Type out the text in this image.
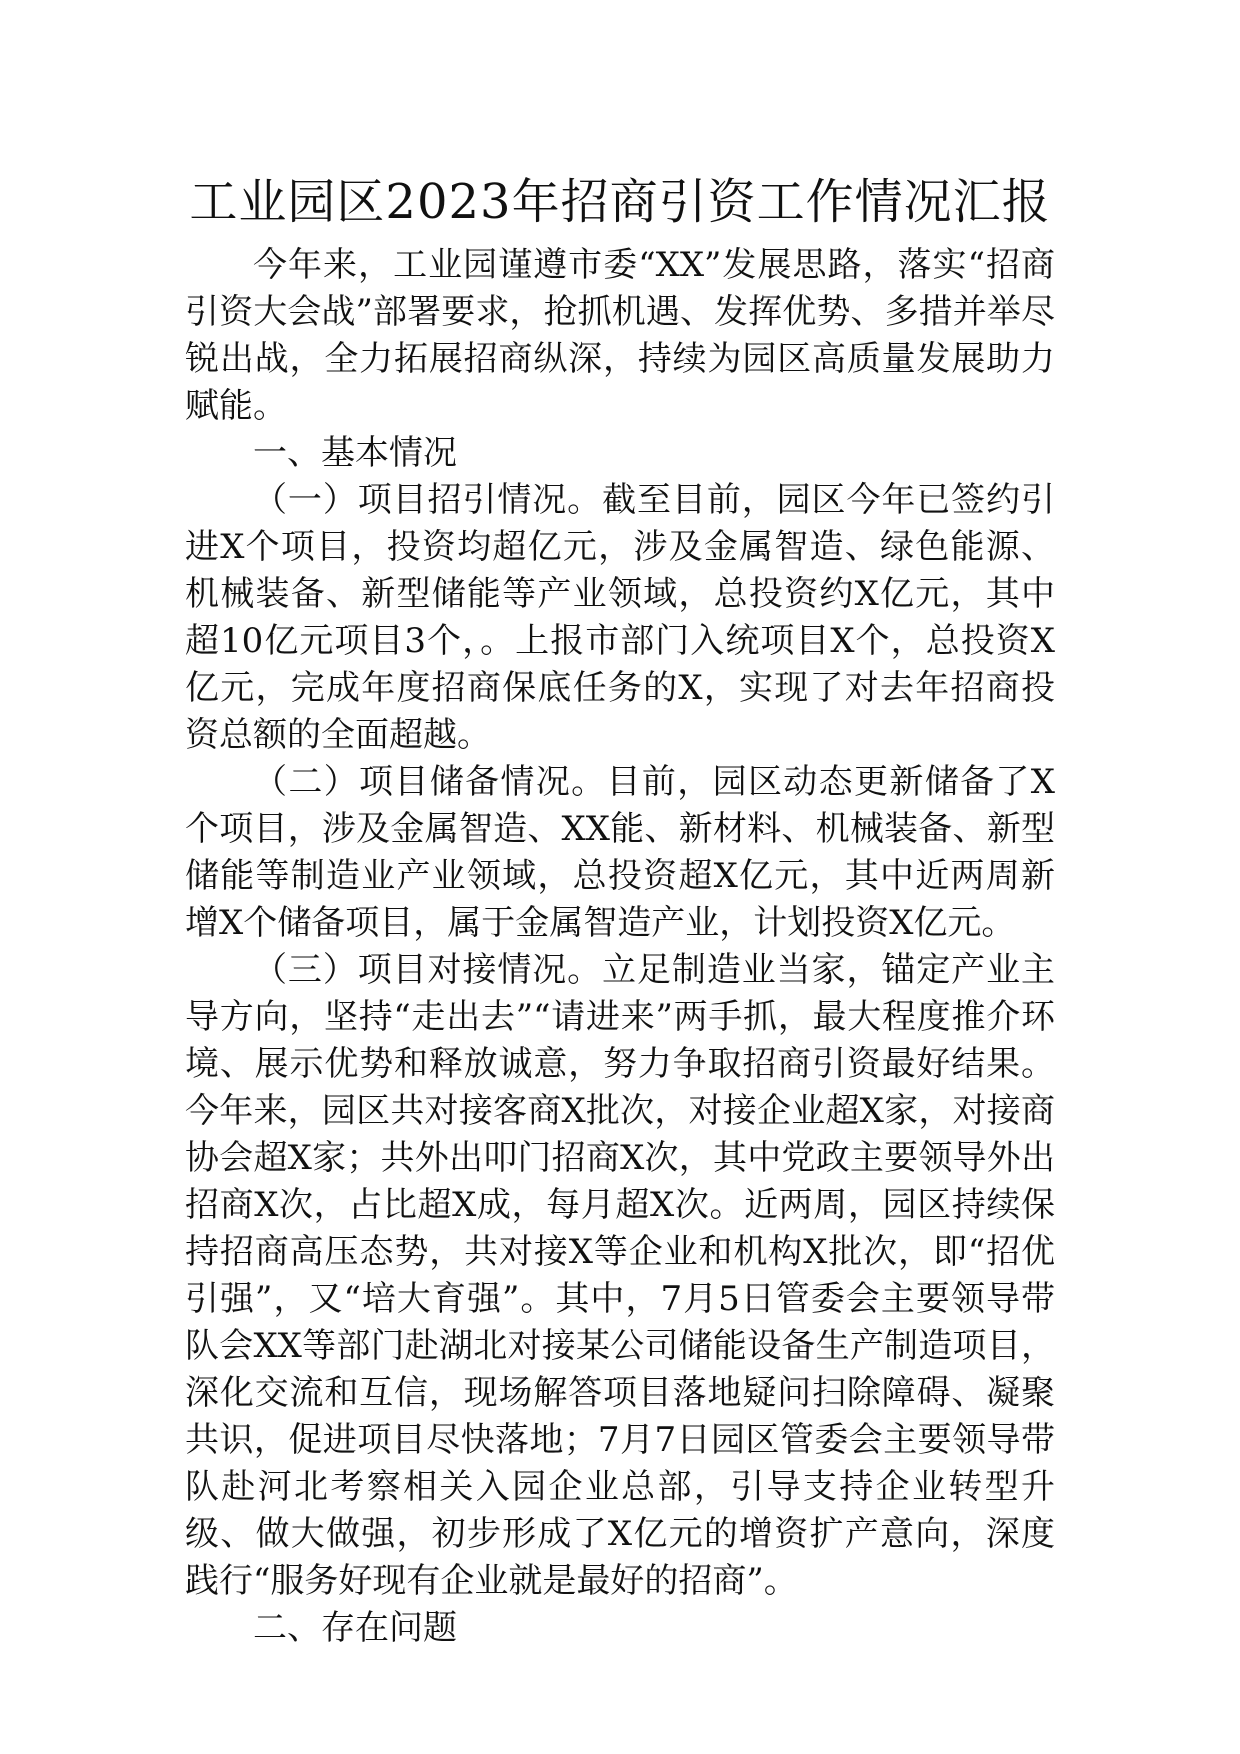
工业园区2023年招商引资工作情况汇报

今年来，工业园谨遵市委“XX”发展思路，落实“招商引资大会战”部署要求，抢抓机遇、发挥优势、多措并举尽锐出战，全力拓展招商纵深，持续为园区高质量发展助力赋能。

一、基本情况

（一）项目招引情况。截至目前，园区今年已签约引进X个项目，投资均超亿元，涉及金属智造、绿色能源、机械装备、新型储能等产业领域，总投资约X亿元，其中超10亿元项目3个，。上报市部门入统项目X个，总投资X亿元，完成年度招商保底任务的X，实现了对去年招商投资总额的全面超越。

（二）项目储备情况。目前，园区动态更新储备了X个项目，涉及金属智造、XX能、新材料、机械装备、新型储能等制造业产业领域，总投资超X亿元，其中近两周新增X个储备项目，属于金属智造产业，计划投资X亿元。

（三）项目对接情况。立足制造业当家，锚定产业主导方向，坚持“走出去”“请进来”两手抓，最大程度推介环境、展示优势和释放诚意，努力争取招商引资最好结果。今年来，园区共对接客商X批次，对接企业超X家，对接商协会超X家；共外出叩门招商X次，其中党政主要领导外出招商X次，占比超X成，每月超X次。近两周，园区持续保持招商高压态势，共对接X等企业和机构X批次，即“招优引强”，又“培大育强”。其中，7月5日管委会主要领导带队会XX等部门赴湖北对接某公司储能设备生产制造项目，深化交流和互信，现场解答项目落地疑问扫除障碍、凝聚共识，促进项目尽快落地；7月7日园区管委会主要领导带队赴河北考察相关入园企业总部，引导支持企业转型升级、做大做强，初步形成了X亿元的增资扩产意向，深度践行“服务好现有企业就是最好的招商”。

二、存在问题
